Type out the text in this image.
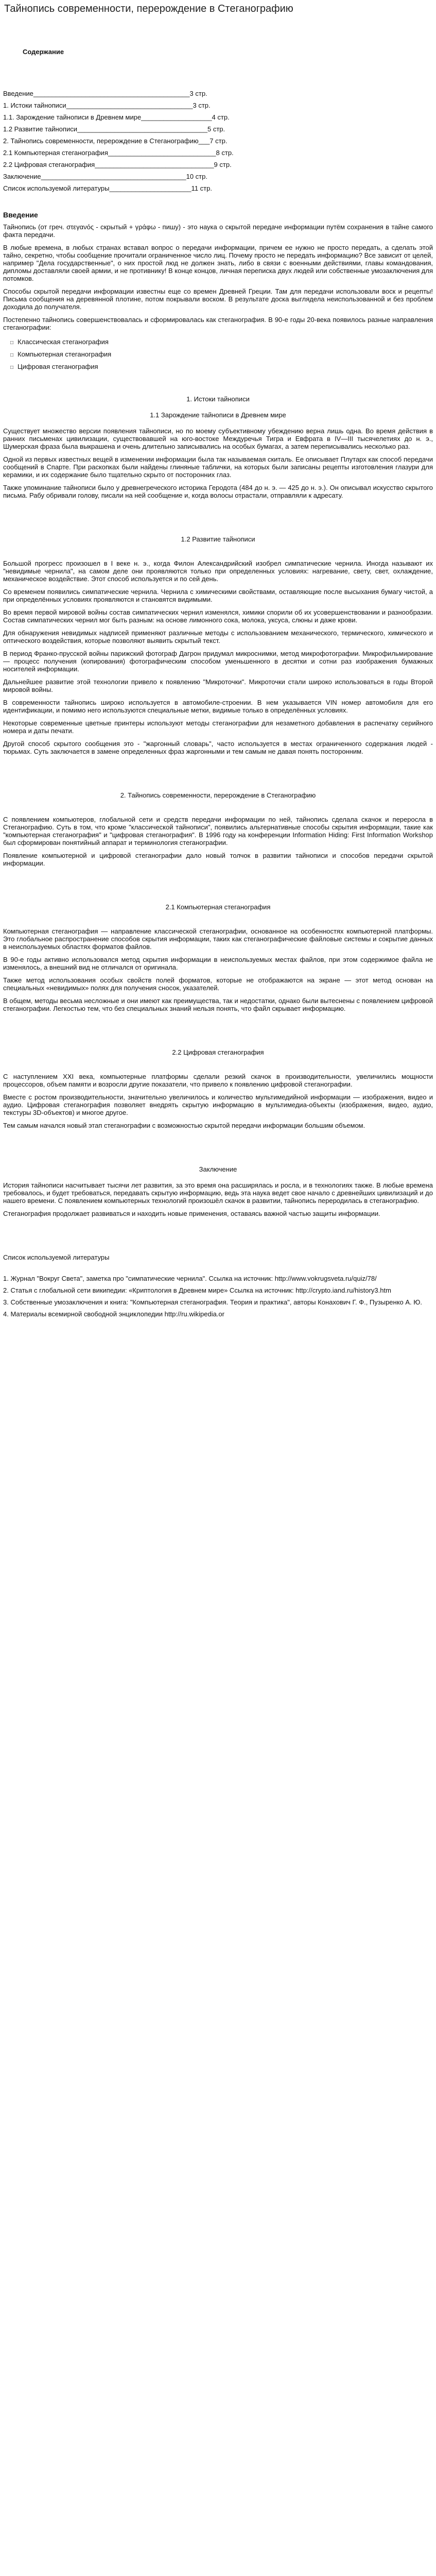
Тайнопись современности, перерождение в Стеганографию
Содержание
Введение__________________________________________3 стр.
1. Истоки тайнописи__________________________________3 стр.
1.1. Зарождение тайнописи в Древнем мире___________________4 стр.
1.2 Развитие тайнописи___________________________________5 стр.
2. Тайнопись современности, перерождение в Стеганографию___7 стр.
2.1 Компьютерная стеганография_____________________________8 стр.
2.2 Цифровая стеганография________________________________9 стр.
Заключение_______________________________________10 стр.
Список используемой литературы______________________11 стр.
Введение

Тайнопись (от греч. στεγανός - скрытый + γράφω - пишу) - это наука о скрытой передаче информации путём сохранения в тайне самого факта передачи.

В любые времена, в любых странах вставал вопрос о передачи информации, причем ее нужно не просто передать, а сделать этой тайно, секретно, чтобы сообщение прочитали ограниченное число лиц. Почему просто не передать информацию? Все зависит от целей, например "Дела государственные", о них простой люд не должен знать, либо в связи с военными действиями, главы командования, дипломы доставляли своей армии, и не противнику! В конце концов, личная переписка двух людей или собственные умозаключения для потомков.

Способы скрытой передачи информации известны еще со времен Древней Греции. Там для передачи использовали воск и рецепты! Письма сообщения на деревянной плотине, потом покрывали воском. В результате доска выглядела неиспользованной и без проблем доходила до получателя.

Постепенно тайнопись совершенствовалась и сформировалась как стеганография. В 90-е годы 20-века появилось разные направления стеганографии:

□ Классическая стеганография
□ Компьютерная стеганография
□ Цифровая стеганография
1. Истоки тайнописи
1.1 Зарождение тайнописи в Древнем мире

Существует множество версии появления тайнописи, но по моему субъективному убеждению верна лишь одна. Во время действия в ранних письменах цивилизации, существовавшей на юго-востоке Междуречья Тигра и Евфрата в IV—III тысячелетиях до н. э., Шумерская фраза была выкрашена и очень длительно записывались на особых бумагах, а затем переписывались несколько раз.

Одной из первых известных вещей в изменении информации была так называемая скиталь. Ее описывает Плутарх как способ передачи сообщений в Спарте. При раскопках были найдены глиняные таблички, на которых были записаны рецепты изготовления глазури для керамики, и их содержание было тщательно скрыто от посторонних глаз.

Также упоминание тайнописи было у древнегреческого историка Геродота (484 до н. э. — 425 до н. э.). Он описывал искусство скрытого письма. Рабу обривали голову, писали на ней сообщение и, когда волосы отрастали, отправляли к адресату.

1.2 Развитие тайнописи

Большой прогресс произошел в I веке н. э., когда Филон Александрийский изобрел симпатические чернила. Иногда называют их "невидимые чернила", на самом деле они проявляются только при определенных условиях: нагревание, свету, свет, охлаждение, механическое воздействие. Этот способ используется и по сей день.

Со временем появились симпатические чернила. Чернила с химическими свойствами, оставляющие после высыхания бумагу чистой, а при определённых условиях проявляются и становятся видимыми.

Во время первой мировой войны состав симпатических чернил изменялся, химики спорили об их усовершенствовании и разнообразии. Состав симпатических чернил мог быть разным: на основе лимонного сока, молока, уксуса, слюны и даже крови.

Для обнаружения невидимых надписей применяют различные методы с использованием механического, термического, химического и оптического воздействия, которые позволяют выявить скрытый текст.

В период Франко-прусской войны парижский фотограф Дагрон придумал микроснимки, метод микрофотографии. Микрофильмирование — процесс получения (копирования) фотографическим способом уменьшенного в десятки и сотни раз изображения бумажных носителей информации.

Дальнейшее развитие этой технологии привело к появлению "Микроточки". Микроточки стали широко использоваться в годы Второй мировой войны.

В современности тайнопись широко используется в автомобиле-строении. В нем указывается VIN номер автомобиля для его идентификации, и помимо него используются специальные метки, видимые только в определённых условиях.

Некоторые современные цветные принтеры используют методы стеганографии для незаметного добавления в распечатку серийного номера и даты печати.

Другой способ скрытого сообщения это - "жаргонный словарь", часто используется в местах ограниченного содержания людей - тюрьмах. Суть заключается в замене определенных фраз жаргонными и тем самым не давая понять посторонним.

2. Тайнопись современности, перерождение в Стеганографию

С появлением компьютеров, глобальной сети и средств передачи информации по ней, тайнопись сделала скачок и переросла в Стеганографию. Суть в том, что кроме "классической тайнописи", появились альтернативные способы скрытия информации, такие как "компьютерная стеганография" и "цифровая стеганография". В 1996 году на конференции Information Hiding: First Information Workshop был сформирован понятийный аппарат и терминология стеганографии.

Появление компьютерной и цифровой стеганографии дало новый толчок в развитии тайнописи и способов передачи скрытой информации.

2.1 Компьютерная стеганография

Компьютерная стеганография — направление классической стеганографии, основанное на особенностях компьютерной платформы. Это глобальное распространение способов скрытия информации, таких как стеганографические файловые системы и сокрытие данных в неиспользуемых областях форматов файлов.

В 90-е годы активно использовался метод скрытия информации в неиспользуемых местах файлов, при этом содержимое файла не изменялось, а внешний вид не отличался от оригинала.

Также метод использования особых свойств полей форматов, которые не отображаются на экране — этот метод основан на специальных «невидимых» полях для получения сносок, указателей.

В общем, методы весьма несложные и они имеют как преимущества, так и недостатки, однако были вытеснены с появлением цифровой стеганографии. Легкостью тем, что без специальных знаний нельзя понять, что файл скрывает информацию.

2.2 Цифровая стеганография

С наступлением XXI века, компьютерные платформы сделали резкий скачок в производительности, увеличились мощности процессоров, объем памяти и возросли другие показатели, что привело к появлению цифровой стеганографии.

Вместе с ростом производительности, значительно увеличилось и количество мультимедийной информации — изображения, видео и аудио. Цифровая стеганография позволяет внедрять скрытую информацию в мультимедиа-объекты (изображения, видео, аудио, текстуры 3D-объектов) и многое другое.

Тем самым начался новый этап стеганографии с возможностью скрытой передачи информации большим объемом.

Заключение

История тайнописи насчитывает тысячи лет развития, за это время она расширялась и росла, и в технологиях также. В любые времена требовалось, и будет требоваться, передавать скрытую информацию, ведь эта наука ведет свое начало с древнейших цивилизаций и до нашего времени. С появлением компьютерных технологий произошёл скачок в развитии, тайнопись переродилась в стеганографию.

Стеганография продолжает развиваться и находить новые применения, оставаясь важной частью защиты информации.

Список используемой литературы
1. Журнал "Вокруг Света", заметка про "симпатические чернила". Ссылка на источник: http://www.vokrugsveta.ru/quiz/78/
2. Статья с глобальной сети википедии: «Криптология в Древнем мире» Ссылка на источник: http://crypto.iand.ru/history3.htm
3. Собственные умозаключения и книга: "Компьютерная стеганография. Теория и практика", авторы Конахович Г. Ф., Пузыренко А. Ю.
4. Материалы всемирной свободной энциклопедии http://ru.wikipedia.or
